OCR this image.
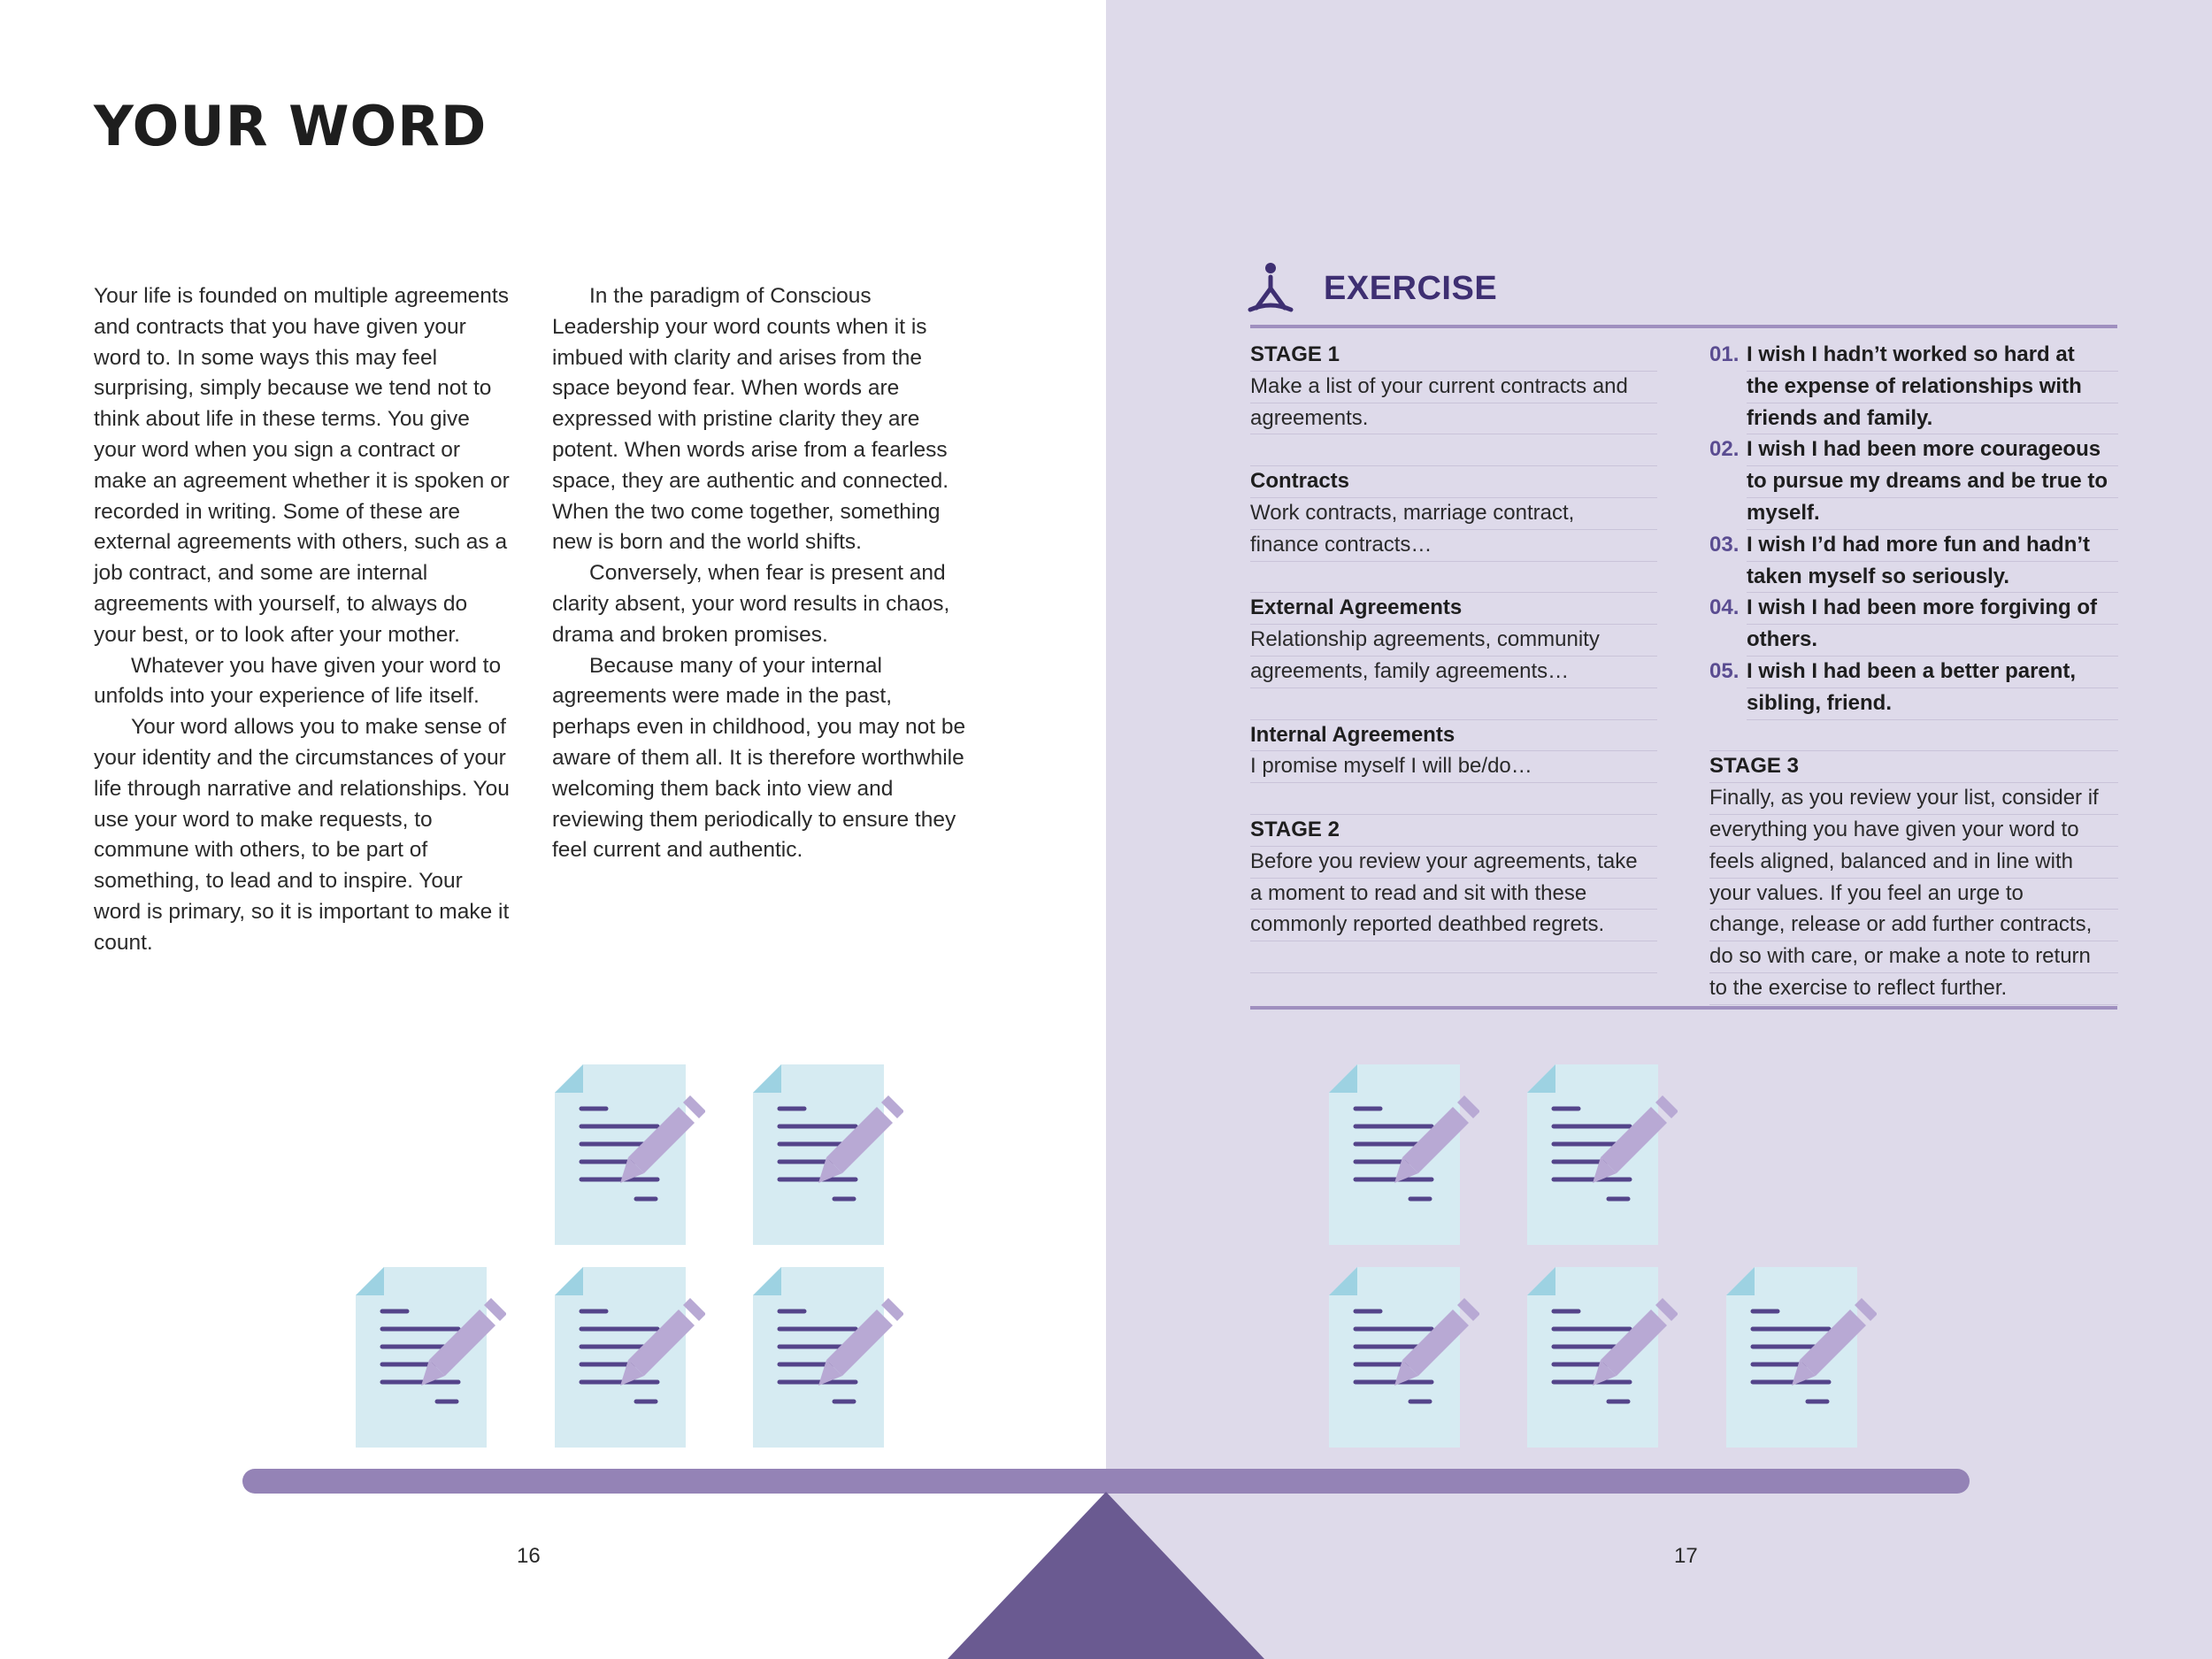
YOUR WORD

Your life is founded on multiple agreements and contracts that you have given your word to. In some ways this may feel surprising, simply because we tend not to think about life in these terms. You give your word when you sign a contract or make an agreement whether it is spoken or recorded in writing. Some of these are external agreements with others, such as a job contract, and some are internal agreements with yourself, to always do your best, or to look after your mother.

Whatever you have given your word to unfolds into your experience of life itself.

Your word allows you to make sense of your identity and the circumstances of your life through narrative and relationships. You use your word to make requests, to commune with others, to be part of something, to lead and to inspire. Your word is primary, so it is important to make it count.

In the paradigm of Conscious Leadership your word counts when it is imbued with clarity and arises from the space beyond fear. When words are expressed with pristine clarity they are potent. When words arise from a fearless space, they are authentic and connected. When the two come together, something new is born and the world shifts.

Conversely, when fear is present and clarity absent, your word results in chaos, drama and broken promises.

Because many of your internal agreements were made in the past, perhaps even in childhood, you may not be aware of them all. It is therefore worthwhile welcoming them back into view and reviewing them periodically to ensure they feel current and authentic.

EXERCISE
STAGE 1
Make a list of your current contracts and
agreements.
Contracts
Work contracts, marriage contract,
finance contracts…
External Agreements
Relationship agreements, community
agreements, family agreements…
Internal Agreements
I promise myself I will be/do…
STAGE 2
Before you review your agreements, take
a moment to read and sit with these
commonly reported deathbed regrets.
01. I wish I hadn’t worked so hard at
the expense of relationships with
friends and family.
02. I wish I had been more courageous
to pursue my dreams and be true to
myself.
03. I wish I’d had more fun and hadn’t
taken myself so seriously.
04. I wish I had been more forgiving of
others.
05. I wish I had been a better parent,
sibling, friend.
STAGE 3
Finally, as you review your list, consider if
everything you have given your word to
feels aligned, balanced and in line with
your values. If you feel an urge to
change, release or add further contracts,
do so with care, or make a note to return
to the exercise to reflect further.
16	17
